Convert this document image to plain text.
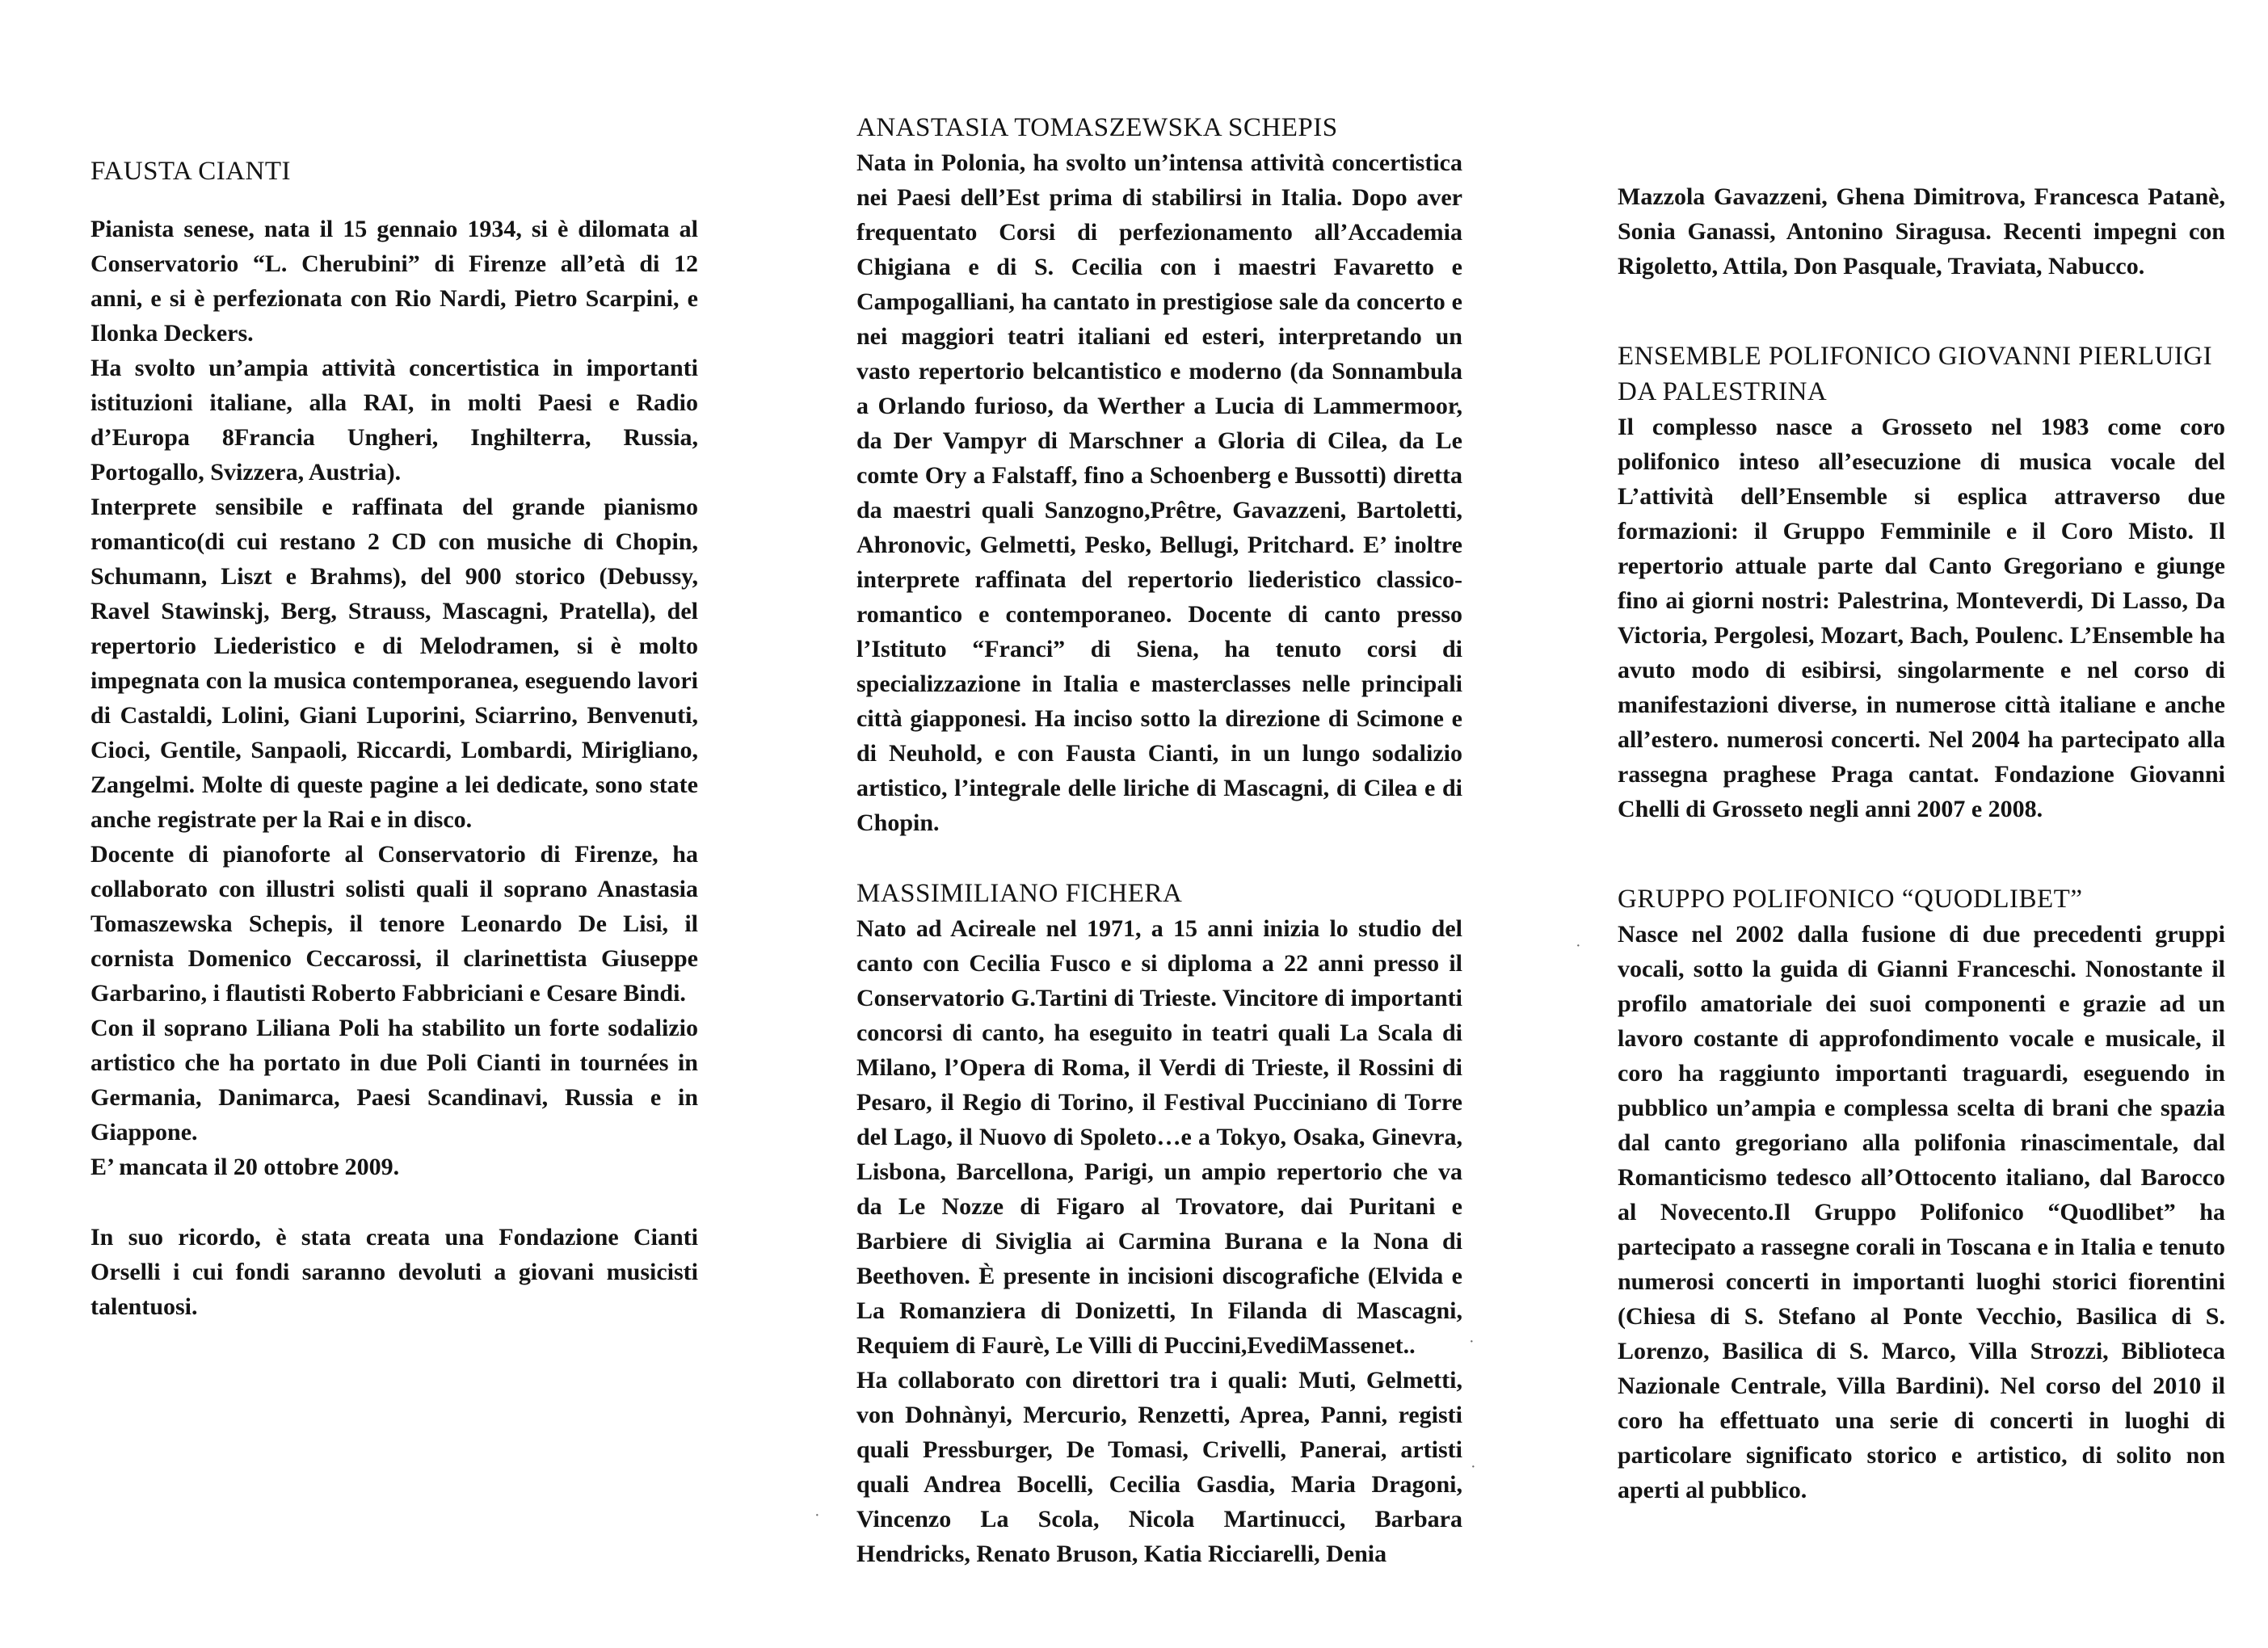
FAUSTA CIANTI

Pianista senese, nata il 15 gennaio 1934, si è dilomata al Conservatorio “L. Cherubini” di Firenze all’età di 12 anni, e si è perfezionata con Rio Nardi, Pietro Scarpini, e Ilonka Deckers.

Ha svolto un’ampia attività concertistica in importanti istituzioni italiane, alla RAI, in molti Paesi e Radio d’Europa 8Francia Ungheri, Inghilterra, Russia, Portogallo, Svizzera, Austria).

Interprete sensibile e raffinata del grande pianismo romantico(di cui restano 2 CD con musiche di Chopin, Schumann, Liszt e Brahms), del 900 storico (Debussy, Ravel Stawinskj, Berg, Strauss, Mascagni, Pratella), del repertorio Liederistico e di Melodramen, si è molto impegnata con la musica contemporanea, eseguendo lavori di Castaldi, Lolini, Giani Luporini, Sciarrino, Benvenuti, Cioci, Gentile, Sanpaoli, Riccardi, Lombardi, Mirigliano, Zangelmi. Molte di queste pagine a lei dedicate, sono state anche registrate per la Rai e in disco.

Docente di pianoforte al Conservatorio di Firenze, ha collaborato con illustri solisti quali il soprano Anastasia Tomaszewska Schepis, il tenore Leonardo De Lisi, il cornista Domenico Ceccarossi, il clarinettista Giuseppe Garbarino, i flautisti Roberto Fabbriciani e Cesare Bindi.

Con il soprano Liliana Poli ha stabilito un forte sodalizio artistico che ha portato in due Poli Cianti in tournées in Germania, Danimarca, Paesi Scandinavi, Russia e in Giappone.

E’ mancata il 20 ottobre 2009.

In suo ricordo, è stata creata una Fondazione Cianti Orselli i cui fondi saranno devoluti a giovani musicisti talentuosi.

ANASTASIA TOMASZEWSKA SCHEPIS

Nata in Polonia, ha svolto un’intensa attività concertistica nei Paesi dell’Est prima di stabilirsi in Italia. Dopo aver frequentato Corsi di perfezionamento all’Accademia Chigiana e di S. Cecilia con i maestri Favaretto e Campogalliani, ha cantato in prestigiose sale da concerto e nei maggiori teatri italiani ed esteri, interpretando un vasto repertorio belcantistico e moderno (da Sonnambula a Orlando furioso, da Werther a Lucia di Lammermoor, da Der Vampyr di Marschner a Gloria di Cilea, da Le comte Ory a Falstaff, fino a Schoenberg e Bussotti) diretta da maestri quali Sanzogno,Prêtre, Gavazzeni, Bartoletti, Ahronovic, Gelmetti, Pesko, Bellugi, Pritchard. E’ inoltre interprete raffinata del repertorio liederistico classico-romantico e contemporaneo. Docente di canto presso l’Istituto “Franci” di Siena, ha tenuto corsi di specializzazione in Italia e masterclasses nelle principali città giapponesi. Ha inciso sotto la direzione di Scimone e di Neuhold, e con Fausta Cianti, in un lungo sodalizio artistico, l’integrale delle liriche di Mascagni, di Cilea e di Chopin.

MASSIMILIANO FICHERA

Nato ad Acireale nel 1971, a 15 anni inizia lo studio del canto con Cecilia Fusco e si diploma a 22 anni presso il Conservatorio G.Tartini di Trieste. Vincitore di importanti concorsi di canto, ha eseguito in teatri quali La Scala di Milano, l’Opera di Roma, il Verdi di Trieste, il Rossini di Pesaro, il Regio di Torino, il Festival Pucciniano di Torre del Lago, il Nuovo di Spoleto…e a Tokyo, Osaka, Ginevra, Lisbona, Barcellona, Parigi, un ampio repertorio che va da Le Nozze di Figaro al Trovatore, dai Puritani e Barbiere di Siviglia ai Carmina Burana e la Nona di Beethoven. È presente in incisioni discografiche (Elvida e La Romanziera di Donizetti, In Filanda di Mascagni, Requiem di Faurè, Le Villi di Puccini,EvediMassenet..

Ha collaborato con direttori tra i quali: Muti, Gelmetti, von Dohnànyi, Mercurio, Renzetti, Aprea, Panni, registi quali Pressburger, De Tomasi, Crivelli, Panerai, artisti quali Andrea Bocelli, Cecilia Gasdia, Maria Dragoni, Vincenzo La Scola, Nicola Martinucci, Barbara Hendricks, Renato Bruson, Katia Ricciarelli, Denia

Mazzola Gavazzeni, Ghena Dimitrova, Francesca Patanè, Sonia Ganassi, Antonino Siragusa. Recenti impegni con Rigoletto, Attila, Don Pasquale, Traviata, Nabucco.

ENSEMBLE POLIFONICO GIOVANNI PIERLUIGI DA PALESTRINA

Il complesso nasce a Grosseto nel 1983 come coro polifonico inteso all’esecuzione di musica vocale del L’attività dell’Ensemble si esplica attraverso due formazioni: il Gruppo Femminile e il Coro Misto. Il repertorio attuale parte dal Canto Gregoriano e giunge fino ai giorni nostri: Palestrina, Monteverdi, Di Lasso, Da Victoria, Pergolesi, Mozart, Bach, Poulenc. L’Ensemble ha avuto modo di esibirsi, singolarmente e nel corso di manifestazioni diverse, in numerose città italiane e anche all’estero. numerosi concerti. Nel 2004 ha partecipato alla rassegna praghese Praga cantat. Fondazione Giovanni Chelli di Grosseto negli anni 2007 e 2008.

GRUPPO POLIFONICO “QUODLIBET”

Nasce nel 2002 dalla fusione di due precedenti gruppi vocali, sotto la guida di Gianni Franceschi. Nonostante il profilo amatoriale dei suoi componenti e grazie ad un lavoro costante di approfondimento vocale e musicale, il coro ha raggiunto importanti traguardi, eseguendo in pubblico un’ampia e complessa scelta di brani che spazia dal canto gregoriano alla polifonia rinascimentale, dal Romanticismo tedesco all’Ottocento italiano, dal Barocco al Novecento.Il Gruppo Polifonico “Quodlibet” ha partecipato a rassegne corali in Toscana e in Italia e tenuto numerosi concerti in importanti luoghi storici fiorentini (Chiesa di S. Stefano al Ponte Vecchio, Basilica di S. Lorenzo, Basilica di S. Marco, Villa Strozzi, Biblioteca Nazionale Centrale, Villa Bardini). Nel corso del 2010 il coro ha effettuato una serie di concerti in luoghi di particolare significato storico e artistico, di solito non aperti al pubblico.

·
·
·
·
